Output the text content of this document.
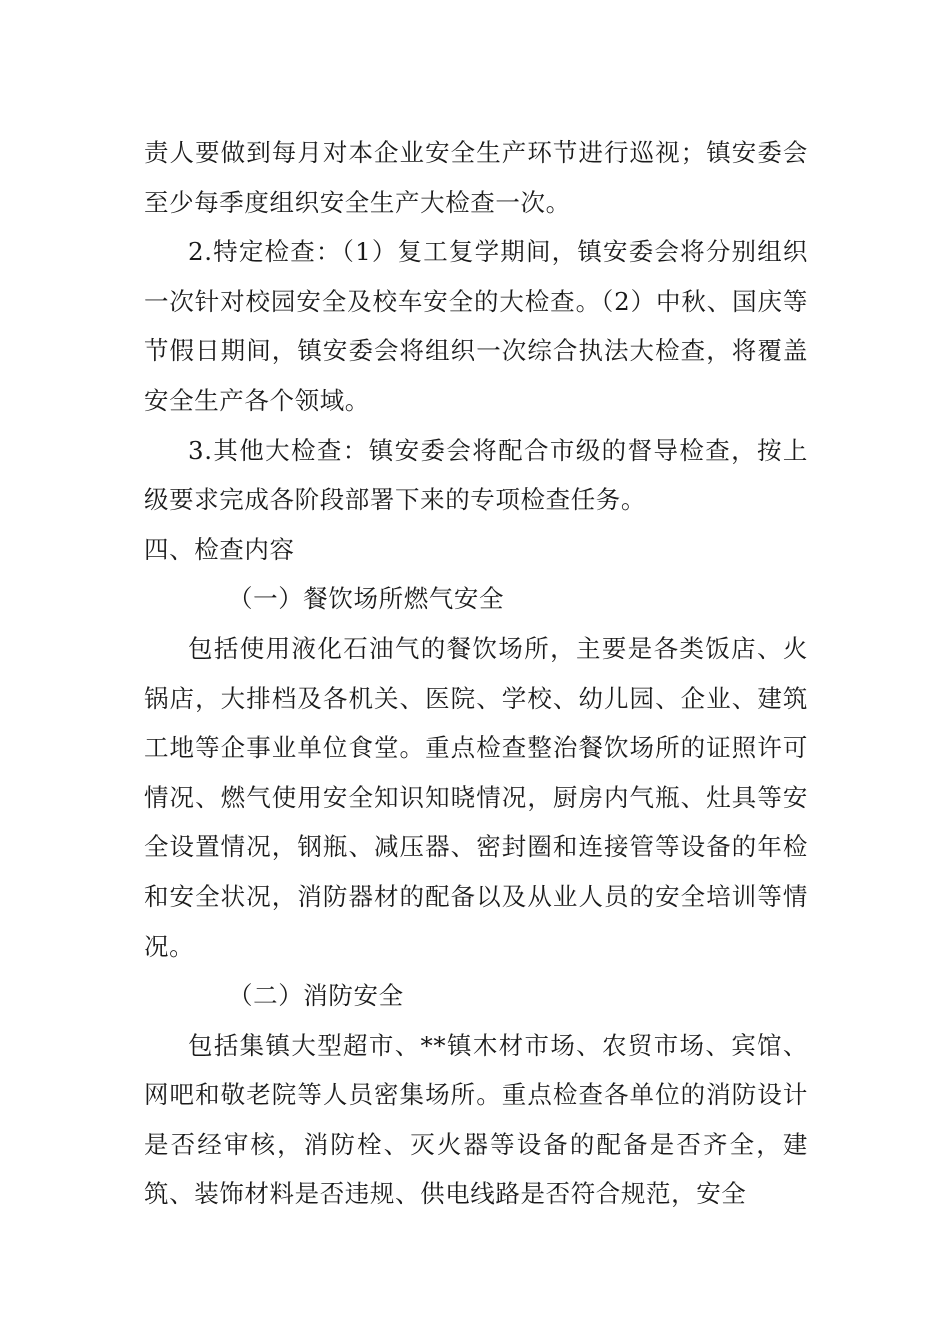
责人要做到每月对本企业安全生产环节进行巡视；镇安委会至少每季度组织安全生产大检查一次。

2.特定检查：（1）复工复学期间，镇安委会将分别组织一次针对校园安全及校车安全的大检查。（2）中秋、国庆等节假日期间，镇安委会将组织一次综合执法大检查，将覆盖安全生产各个领域。

3.其他大检查：镇安委会将配合市级的督导检查，按上级要求完成各阶段部署下来的专项检查任务。

四、检查内容

（一）餐饮场所燃气安全

包括使用液化石油气的餐饮场所，主要是各类饭店、火锅店，大排档及各机关、医院、学校、幼儿园、企业、建筑工地等企事业单位食堂。重点检查整治餐饮场所的证照许可情况、燃气使用安全知识知晓情况，厨房内气瓶、灶具等安全设置情况，钢瓶、减压器、密封圈和连接管等设备的年检和安全状况，消防器材的配备以及从业人员的安全培训等情况。

（二）消防安全

包括集镇大型超市、**镇木材市场、农贸市场、宾馆、网吧和敬老院等人员密集场所。重点检查各单位的消防设计是否经审核，消防栓、灭火器等设备的配备是否齐全，建筑、装饰材料是否违规、供电线路是否符合规范，安全
